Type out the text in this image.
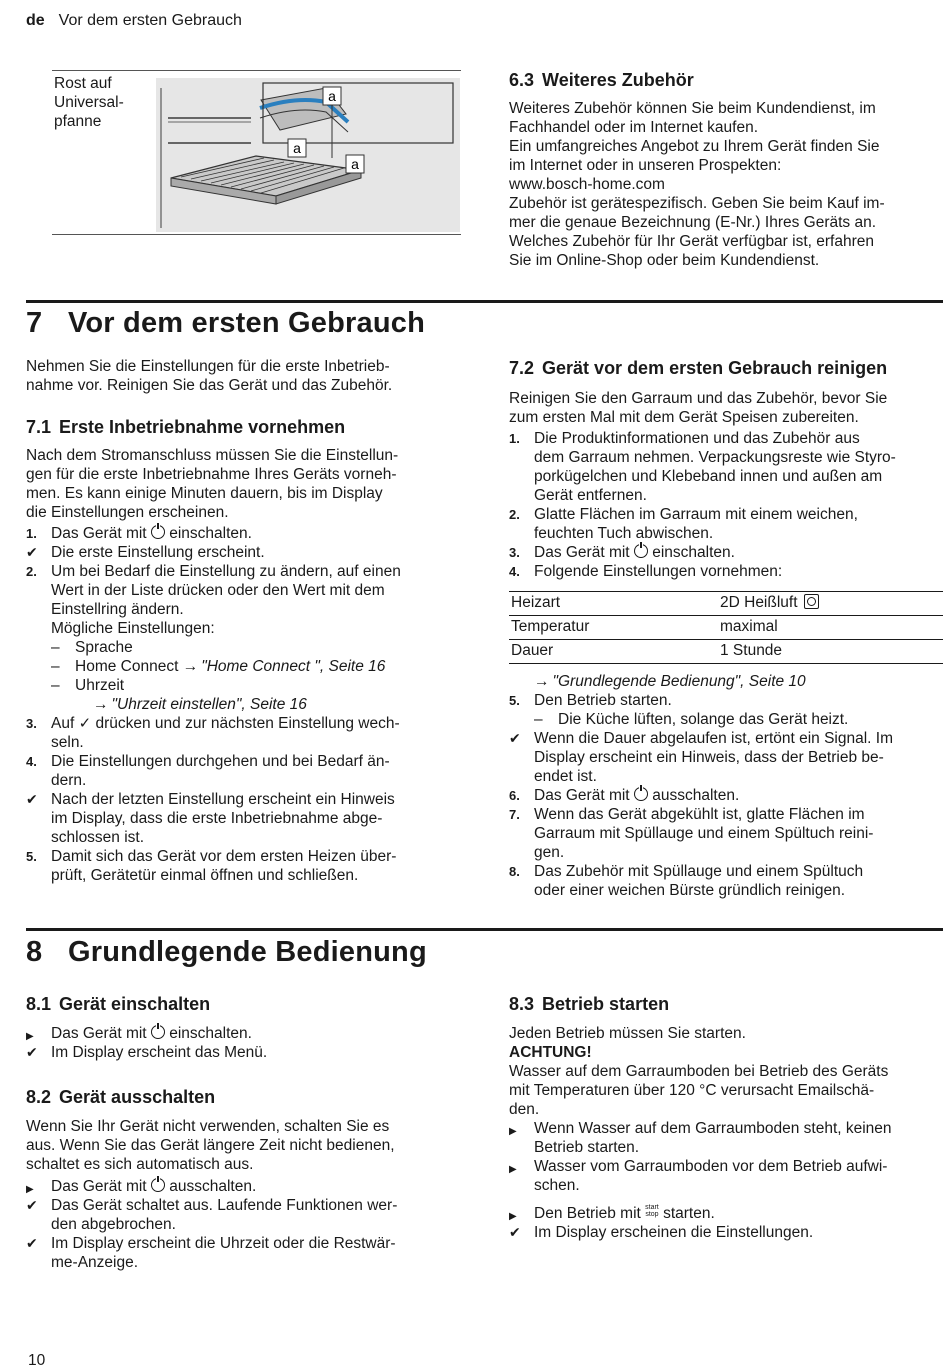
de Vor dem ersten Gebrauch
Rost auf Universal-pfanne
a
a
a

6.3 Weiteres Zubehör

Weiteres Zubehör können Sie beim Kundendienst, im

Fachhandel oder im Internet kaufen.

Ein umfangreiches Angebot zu Ihrem Gerät finden Sie

im Internet oder in unseren Prospekten:

www.bosch-home.com

Zubehör ist gerätespezifisch. Geben Sie beim Kauf im-

mer die genaue Bezeichnung (E-Nr.) Ihres Geräts an.

Welches Zubehör für Ihr Gerät verfügbar ist, erfahren

Sie im Online-Shop oder beim Kundendienst.

7 Vor dem ersten Gebrauch

Nehmen Sie die Einstellungen für die erste Inbetrieb-

nahme vor. Reinigen Sie das Gerät und das Zubehör.

7.1 Erste Inbetriebnahme vornehmen

Nach dem Stromanschluss müssen Sie die Einstellun-

gen für die erste Inbetriebnahme Ihres Geräts vorneh-

men. Es kann einige Minuten dauern, bis im Display

die Einstellungen erscheinen.

1. Das Gerät mit einschalten.
✔ Die erste Einstellung erscheint.
2. Um bei Bedarf die Einstellung zu ändern, auf einen
Wert in der Liste drücken oder den Wert mit dem
Einstellring ändern.
Mögliche Einstellungen:
– Sprache
– Home Connect → "Home Connect ", Seite 16
– Uhrzeit
→ "Uhrzeit einstellen", Seite 16
3. Auf ✓ drücken und zur nächsten Einstellung wech-
seln.
4. Die Einstellungen durchgehen und bei Bedarf än-
dern.
✔ Nach der letzten Einstellung erscheint ein Hinweis
im Display, dass die erste Inbetriebnahme abge-
schlossen ist.
5. Damit sich das Gerät vor dem ersten Heizen über-
prüft, Gerätetür einmal öffnen und schließen.

7.2 Gerät vor dem ersten Gebrauch reinigen

Reinigen Sie den Garraum und das Zubehör, bevor Sie

zum ersten Mal mit dem Gerät Speisen zubereiten.

1. Die Produktinformationen und das Zubehör aus
dem Garraum nehmen. Verpackungsreste wie Styro-
porkügelchen und Klebeband innen und außen am
Gerät entfernen.
2. Glatte Flächen im Garraum mit einem weichen,
feuchten Tuch abwischen.
3. Das Gerät mit einschalten.
4. Folgende Einstellungen vornehmen:
Heizart	2D Heißluft
Temperatur	maximal
Dauer	1 Stunde

→ "Grundlegende Bedienung", Seite 10

5. Den Betrieb starten.
– Die Küche lüften, solange das Gerät heizt.
✔ Wenn die Dauer abgelaufen ist, ertönt ein Signal. Im
Display erscheint ein Hinweis, dass der Betrieb be-
endet ist.
6. Das Gerät mit ausschalten.
7. Wenn das Gerät abgekühlt ist, glatte Flächen im
Garraum mit Spüllauge und einem Spültuch reini-
gen.
8. Das Zubehör mit Spüllauge und einem Spültuch
oder einer weichen Bürste gründlich reinigen.

8 Grundlegende Bedienung

8.1 Gerät einschalten

▶	Das Gerät mit einschalten.
✔ Im Display erscheint das Menü.

8.2 Gerät ausschalten

Wenn Sie Ihr Gerät nicht verwenden, schalten Sie es

aus. Wenn Sie das Gerät längere Zeit nicht bedienen,

schaltet es sich automatisch aus.

▶	Das Gerät mit ausschalten.
✔ Das Gerät schaltet aus. Laufende Funktionen wer-
den abgebrochen.
✔ Im Display erscheint die Uhrzeit oder die Restwär-
me-Anzeige.

8.3 Betrieb starten

Jeden Betrieb müssen Sie starten.

ACHTUNG!

Wasser auf dem Garraumboden bei Betrieb des Geräts

mit Temperaturen über 120 °C verursacht Emailschä-

den.

▶	Wenn Wasser auf dem Garraumboden steht, keinen
Betrieb starten.
▶	Wasser vom Garraumboden vor dem Betrieb aufwi-
schen.
▶	Den Betrieb mit start
stop starten.
✔ Im Display erscheinen die Einstellungen.
10
